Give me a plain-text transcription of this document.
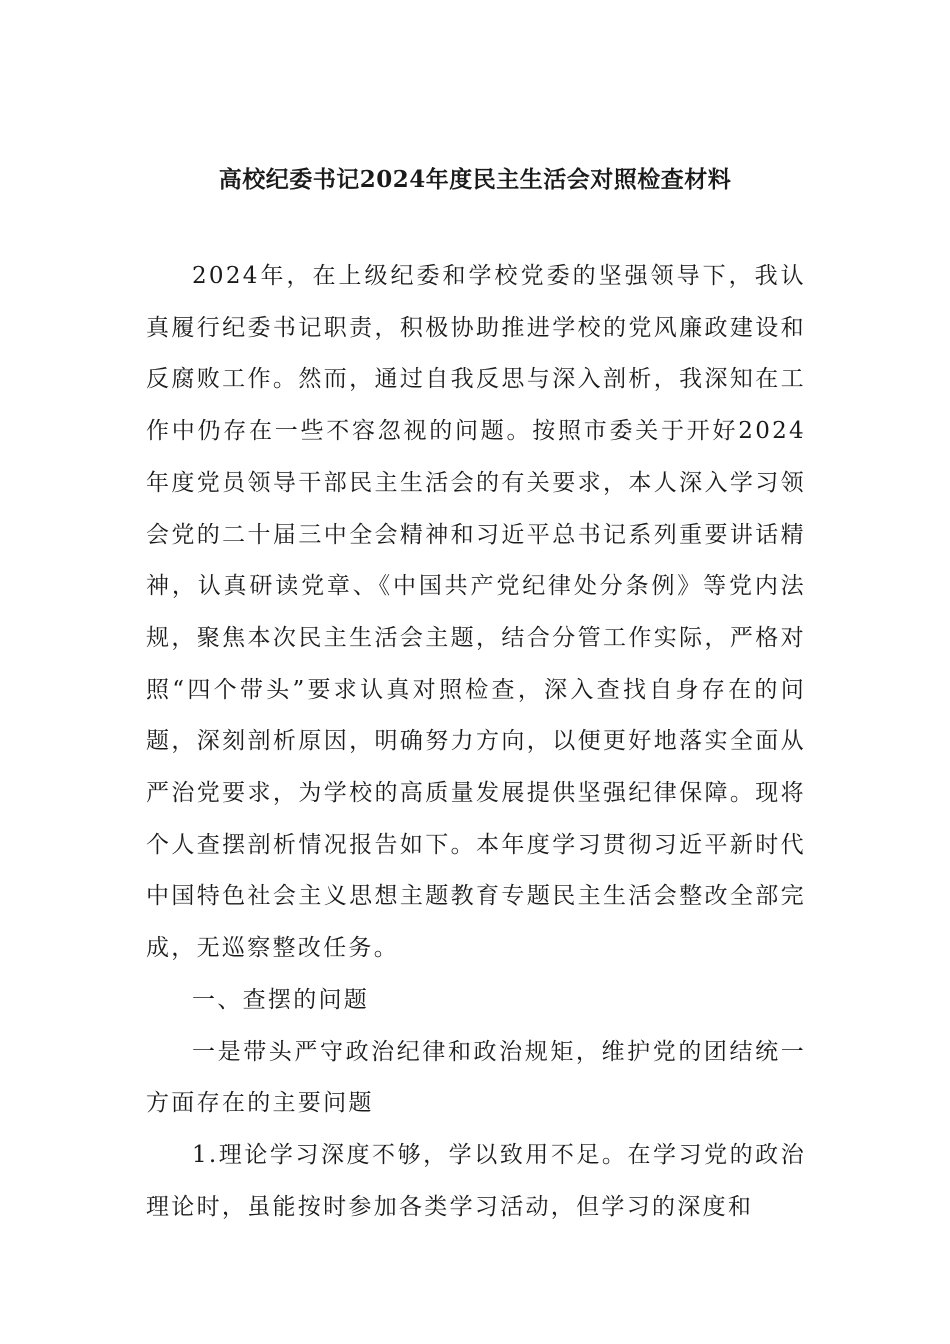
高校纪委书记2024年度民主生活会对照检查材料

2024年，在上级纪委和学校党委的坚强领导下，我认真履行纪委书记职责，积极协助推进学校的党风廉政建设和反腐败工作。然而，通过自我反思与深入剖析，我深知在工作中仍存在一些不容忽视的问题。按照市委关于开好2024年度党员领导干部民主生活会的有关要求，本人深入学习领会党的二十届三中全会精神和习近平总书记系列重要讲话精神，认真研读党章、《中国共产党纪律处分条例》等党内法规，聚焦本次民主生活会主题，结合分管工作实际，严格对照“四个带头”要求认真对照检查，深入查找自身存在的问题，深刻剖析原因，明确努力方向，以便更好地落实全面从严治党要求，为学校的高质量发展提供坚强纪律保障。现将个人查摆剖析情况报告如下。本年度学习贯彻习近平新时代中国特色社会主义思想主题教育专题民主生活会整改全部完成，无巡察整改任务。

一、查摆的问题

一是带头严守政治纪律和政治规矩，维护党的团结统一方面存在的主要问题

1.理论学习深度不够，学以致用不足。在学习党的政治理论时，虽能按时参加各类学习活动，但学习的深度和
